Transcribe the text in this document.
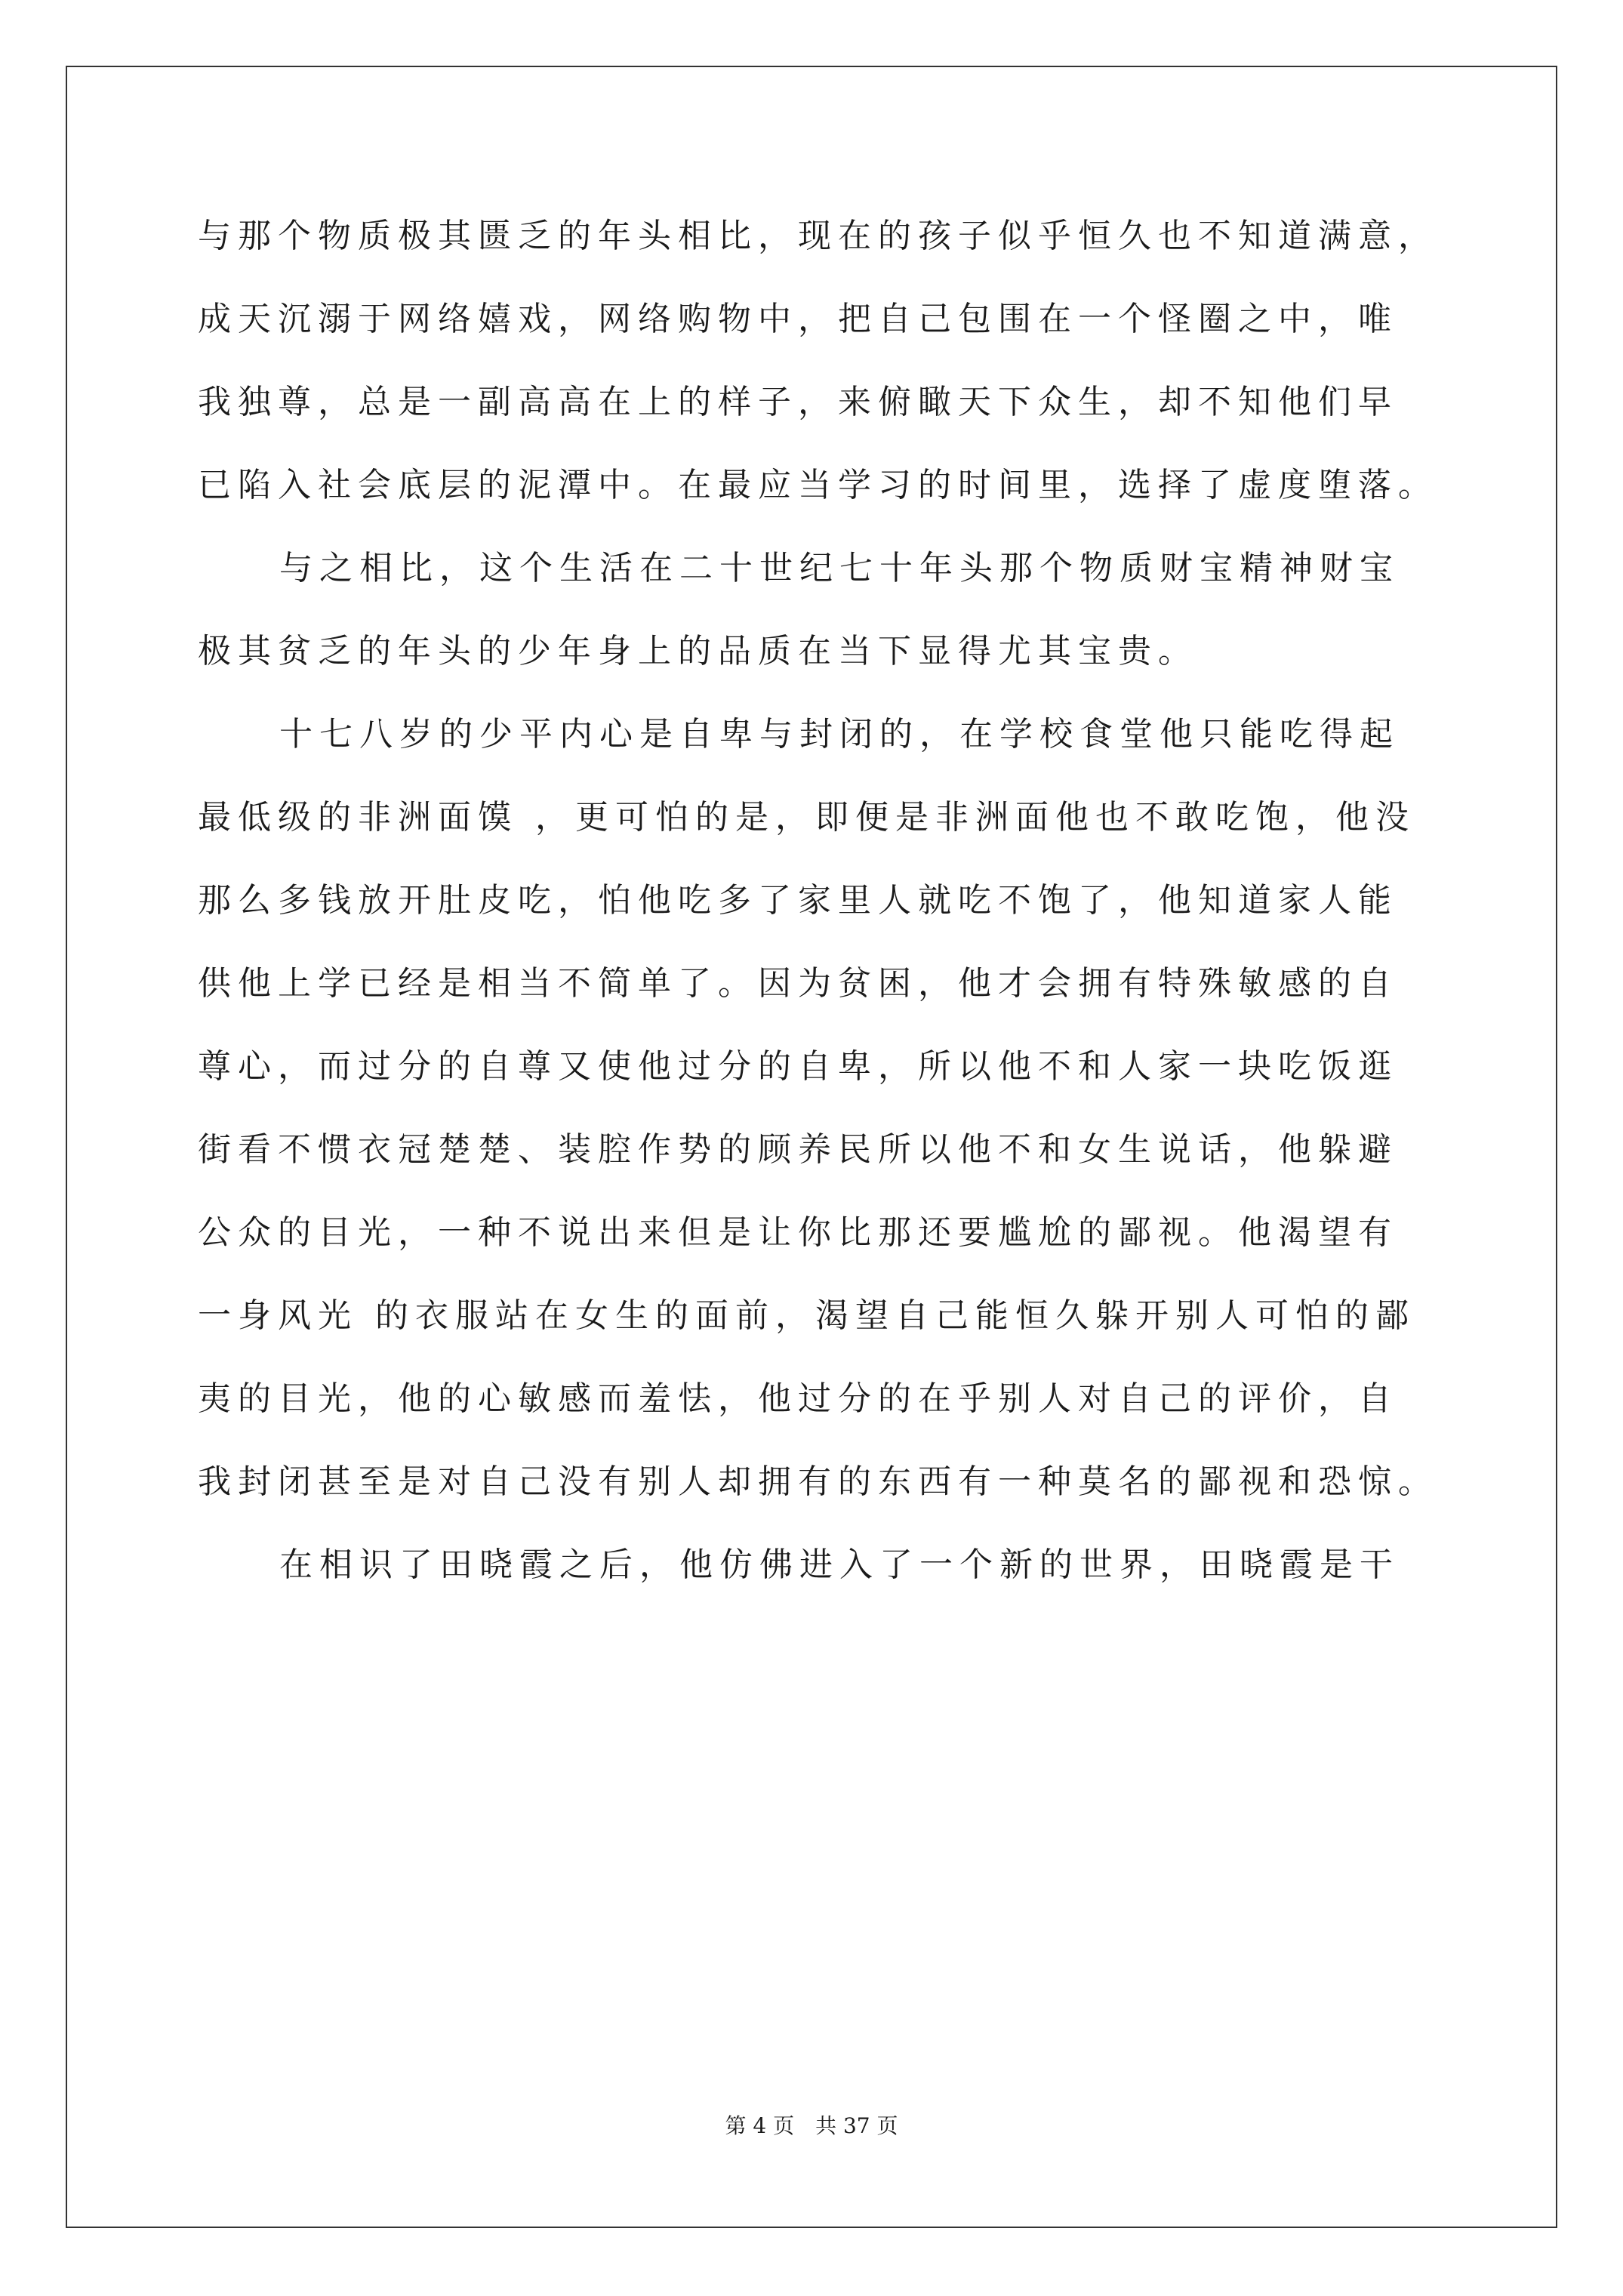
与那个物质极其匮乏的年头相比，现在的孩子似乎恒久也不知道满意，
成天沉溺于网络嬉戏，网络购物中，把自己包围在一个怪圈之中，唯
我独尊，总是一副高高在上的样子，来俯瞰天下众生，却不知他们早
已陷入社会底层的泥潭中。在最应当学习的时间里，选择了虚度堕落。
与之相比，这个生活在二十世纪七十年头那个物质财宝精神财宝
极其贫乏的年头的少年身上的品质在当下显得尤其宝贵。
十七八岁的少平内心是自卑与封闭的，在学校食堂他只能吃得起
最低级的非洲面馍 ，更可怕的是，即便是非洲面他也不敢吃饱，他没
那么多钱放开肚皮吃，怕他吃多了家里人就吃不饱了，他知道家人能
供他上学已经是相当不简单了。因为贫困，他才会拥有特殊敏感的自
尊心，而过分的自尊又使他过分的自卑，所以他不和人家一块吃饭逛
街看不惯衣冠楚楚、装腔作势的顾养民所以他不和女生说话，他躲避
公众的目光，一种不说出来但是让你比那还要尴尬的鄙视。他渴望有
一身风光 的衣服站在女生的面前，渴望自己能恒久躲开别人可怕的鄙
夷的目光，他的心敏感而羞怯，他过分的在乎别人对自己的评价，自
我封闭甚至是对自己没有别人却拥有的东西有一种莫名的鄙视和恐惊。
在相识了田晓霞之后，他仿佛进入了一个新的世界，田晓霞是干
第 4 页　共 37 页
